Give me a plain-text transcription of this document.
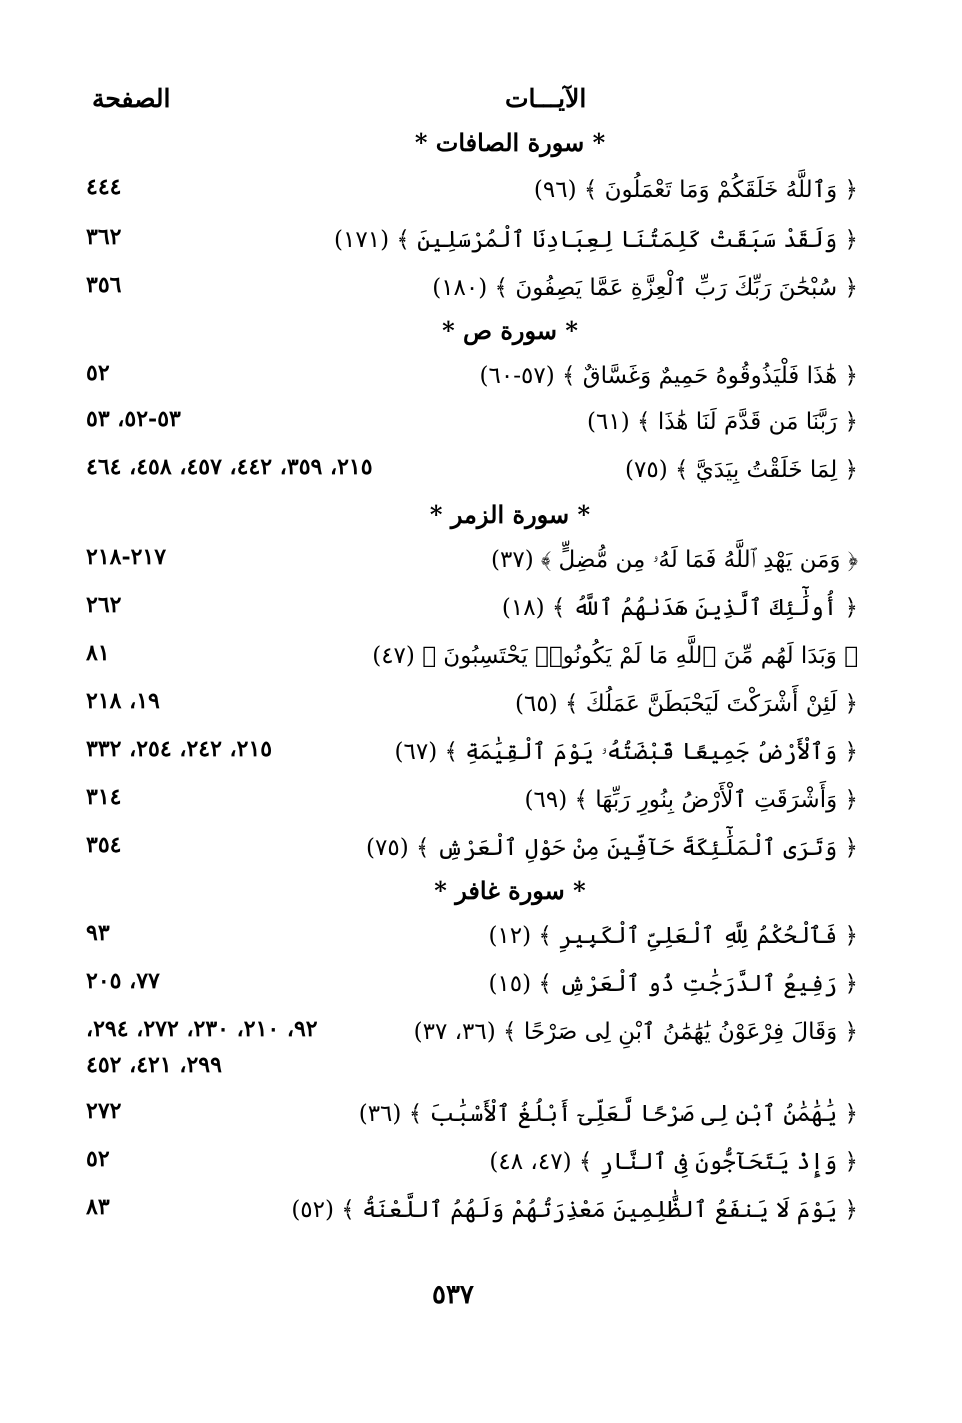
الآيـــات
الصفحة
* سورة الصافات *
﴿ وَٱللَّهُ خَلَقَكُمْ وَمَا تَعْمَلُونَ ﴾ (٩٦)
٤٤٤
﴿ وَلَقَدْ سَبَقَتْ كَلِمَتُنَا لِعِبَادِنَا ٱلْمُرْسَلِينَ ﴾ (١٧١)
٣٦٢
﴿ سُبْحَٰنَ رَبِّكَ رَبِّ ٱلْعِزَّةِ عَمَّا يَصِفُونَ ﴾ (١٨٠)
٣٥٦
* سورة ص *
﴿ هَٰذَا فَلْيَذُوقُوهُ حَمِيمٌ وَغَسَّاقٌ ﴾ (٥٧-٦٠)
٥٢
﴿ رَبَّنَا مَن قَدَّمَ لَنَا هَٰذَا ﴾ (٦١)
٥٣-٥٢، ٥٣
﴿ لِمَا خَلَقْتُ بِيَدَيَّ ﴾ (٧٥)
٢١٥، ٣٥٩، ٤٤٢، ٤٥٧، ٤٥٨، ٤٦٤
* سورة الزمر *
﴿ وَمَن يَهْدِ ٱللَّهُ فَمَا لَهُۥ مِن مُّضِلٍّ ﴾ (٣٧)
٢١٧-٢١٨
﴿ أُولَٰٓئِكَ ٱلَّذِينَ هَدَىٰهُمُ ٱللَّهُ ﴾ (١٨)
٢٦٢
﴿ وَبَدَا لَهُم مِّنَ ٱللَّهِ مَا لَمْ يَكُونُوا۟ يَحْتَسِبُونَ ﴾ (٤٧)
٨١
﴿ لَئِنْ أَشْرَكْتَ لَيَحْبَطَنَّ عَمَلُكَ ﴾ (٦٥)
١٩، ٢١٨
﴿ وَٱلْأَرْضُ جَمِيعًا قَبْضَتُهُۥ يَوْمَ ٱلْقِيَٰمَةِ ﴾ (٦٧)
٢١٥، ٢٤٢، ٢٥٤، ٣٣٢
﴿ وَأَشْرَقَتِ ٱلْأَرْضُ بِنُورِ رَبِّهَا ﴾ (٦٩)
٣١٤
﴿ وَتَرَى ٱلْمَلَٰٓئِكَةَ حَآفِّينَ مِنْ حَوْلِ ٱلْعَرْشِ ﴾ (٧٥)
٣٥٤
* سورة غافر *
﴿ فَٱلْحُكْمُ لِلَّهِ ٱلْعَلِىِّ ٱلْكَبِيرِ ﴾ (١٢)
٩٣
﴿ رَفِيعُ ٱلدَّرَجَٰتِ ذُو ٱلْعَرْشِ ﴾ (١٥)
٧٧، ٢٠٥
﴿ وَقَالَ فِرْعَوْنُ يَٰهَٰمَٰنُ ٱبْنِ لِى صَرْحًا ﴾ (٣٦، ٣٧)
٩٢، ٢١٠، ٢٣٠، ٢٧٢، ٢٩٤،
٢٩٩، ٤٢١، ٤٥٢
﴿ يَٰهَٰمَٰنُ ٱبْنِ لِى صَرْحًا لَّعَلِّىٓ أَبْلُغُ ٱلْأَسْبَٰبَ ﴾ (٣٦)
٢٧٢
﴿ وَإِذْ يَتَحَآجُّونَ فِى ٱلنَّارِ ﴾ (٤٧، ٤٨)
٥٢
﴿ يَوْمَ لَا يَنفَعُ ٱلظَّٰلِمِينَ مَعْذِرَتُهُمْ وَلَهُمُ ٱللَّعْنَةُ ﴾ (٥٢)
٨٣
٥٣٧
